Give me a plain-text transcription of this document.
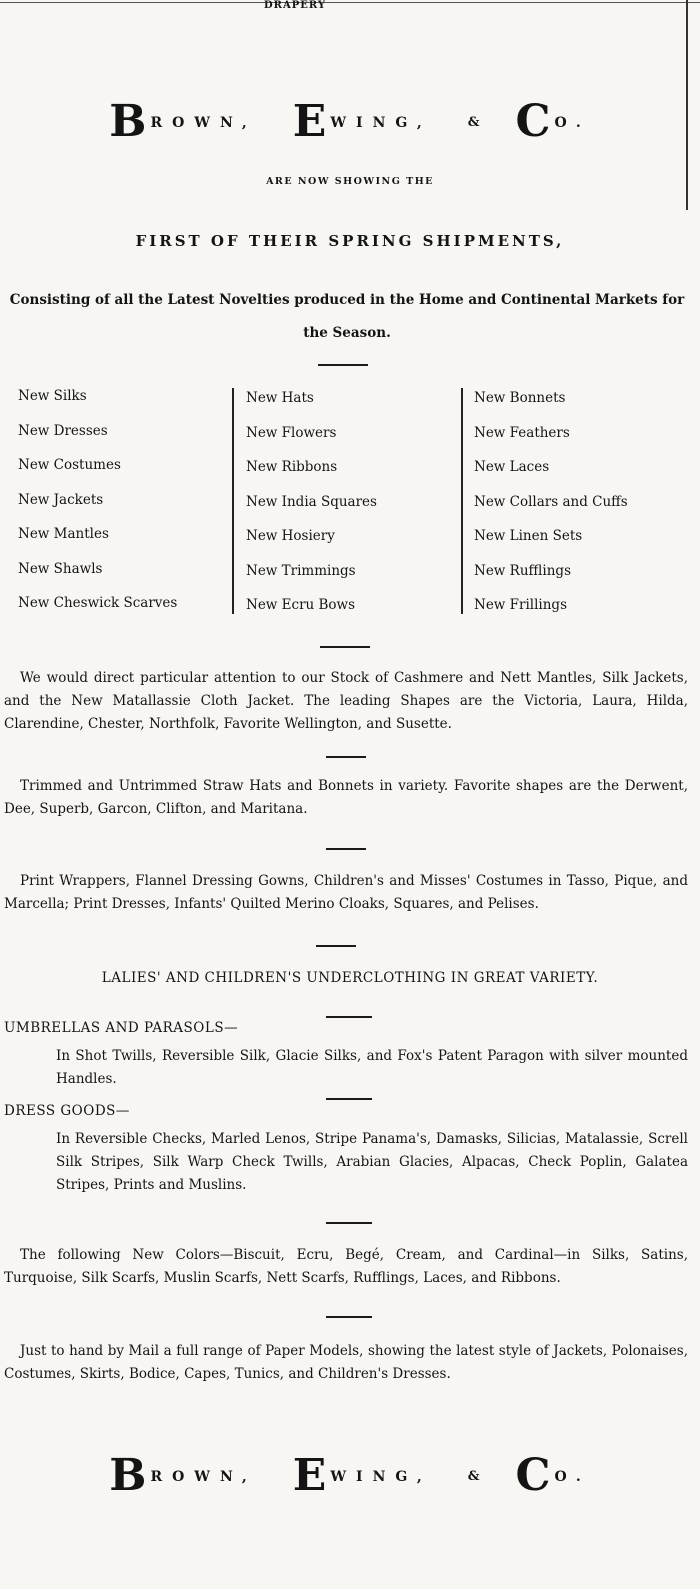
DRAPERY
B ROWN, E WING,	& C O.
ARE NOW SHOWING THE
FIRST OF THEIR SPRING SHIPMENTS,
Consisting of all the Latest Novelties produced in the Home and Continental Markets for the Season.
New Silks
New Dresses
New Costumes
New Jackets
New Mantles
New Shawls
New Cheswick Scarves
New Hats
New Flowers
New Ribbons
New India Squares
New Hosiery
New Trimmings
New Ecru Bows
New Bonnets
New Feathers
New Laces
New Collars and Cuffs
New Linen Sets
New Rufflings
New Frillings
We would direct particular attention to our Stock of Cashmere and Nett Mantles, Silk Jackets, and the New Matallassie Cloth Jacket. The leading Shapes are the Victoria, Laura, Hilda, Clarendine, Chester, Northfolk, Favorite Wellington, and Susette.
Trimmed and Untrimmed Straw Hats and Bonnets in variety. Favorite shapes are the Derwent, Dee, Superb, Garcon, Clifton, and Maritana.
Print Wrappers, Flannel Dressing Gowns, Children's and Misses' Costumes in Tasso, Pique, and Marcella; Print Dresses, Infants' Quilted Merino Cloaks, Squares, and Pelises.
LALIES' AND CHILDREN'S UNDERCLOTHING IN GREAT VARIETY.
UMBRELLAS AND PARASOLS—
In Shot Twills, Reversible Silk, Glacie Silks, and Fox's Patent Paragon with silver mounted Handles.
DRESS GOODS—
In Reversible Checks, Marled Lenos, Stripe Panama's, Damasks, Silicias, Matalassie, Screll Silk Stripes, Silk Warp Check Twills, Arabian Glacies, Alpacas, Check Poplin, Galatea Stripes, Prints and Muslins.
The following New Colors—Biscuit, Ecru, Begé, Cream, and Cardinal—in Silks, Satins, Turquoise, Silk Scarfs, Muslin Scarfs, Nett Scarfs, Rufflings, Laces, and Ribbons.
Just to hand by Mail a full range of Paper Models, showing the latest style of Jackets, Polonaises, Costumes, Skirts, Bodice, Capes, Tunics, and Children's Dresses.
B ROWN, E WING,	& C O.
